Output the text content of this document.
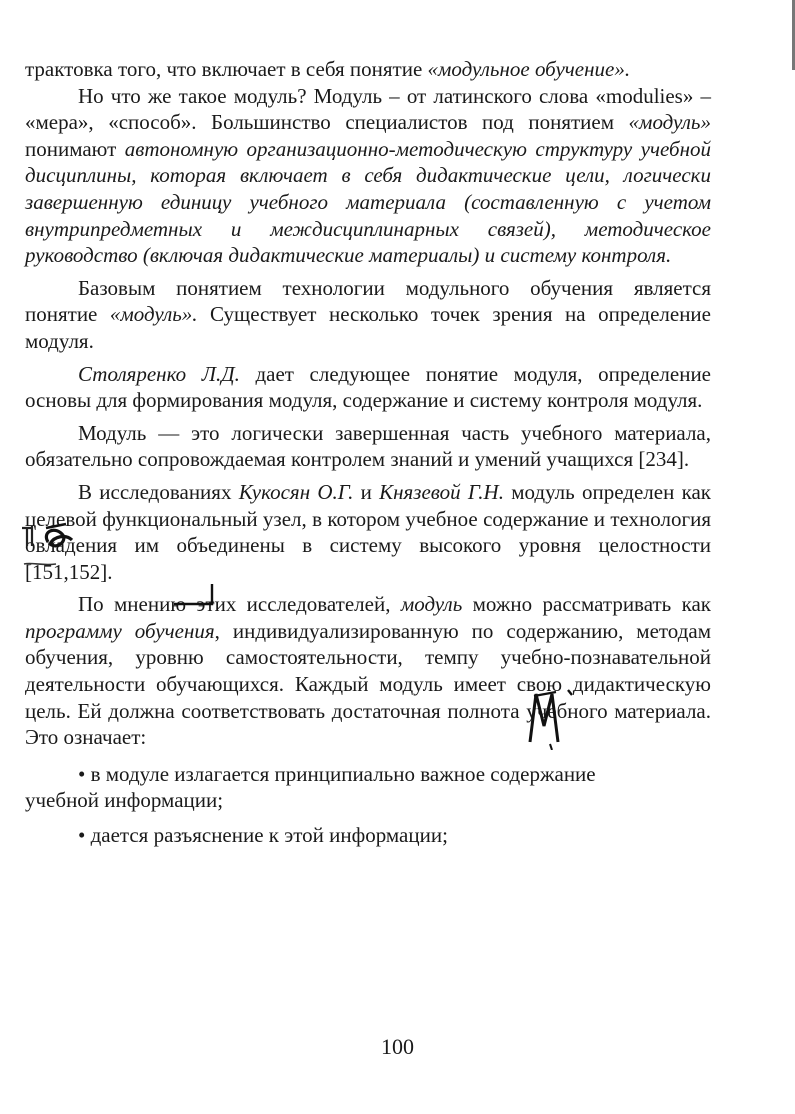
трактовка того, что включает в себя понятие «модульное обучение».

Но что же такое модуль? Модуль – от латинского слова «modulies» – «мера», «способ». Большинство специалистов под понятием «модуль» понимают автономную организационно-методическую структуру учебной дисциплины, которая включает в себя дидактические цели, логически завершенную единицу учебного материала (составленную с учетом внутрипредметных и междисциплинарных связей), методическое руководство (включая дидактические материалы) и систему контроля.

Базовым понятием технологии модульного обучения является понятие «модуль». Существует несколько точек зрения на определение модуля.

Столяренко Л.Д. дает следующее понятие модуля, определение основы для формирования модуля, содержание и систему контроля модуля.

Модуль — это логически завершенная часть учебного материала, обязательно сопровождаемая контролем знаний и умений учащихся [234].

В исследованиях Кукосян О.Г. и Князевой Г.Н. модуль определен как целевой функциональный узел, в котором учебное содержание и технология овладения им объединены в систему высокого уровня целостности [151,152].

По мнению этих исследователей, модуль можно рассматривать как программу обучения, индивидуализированную по содержанию, методам обучения, уровню самостоятельности, темпу учебно-познавательной деятельности обучающихся. Каждый модуль имеет свою дидактическую цель. Ей должна соответствовать достаточная полнота учебного материала. Это означает:

• в модуле излагается принципиально важное содержание

учебной информации;

• дается разъяснение к этой информации;

100
